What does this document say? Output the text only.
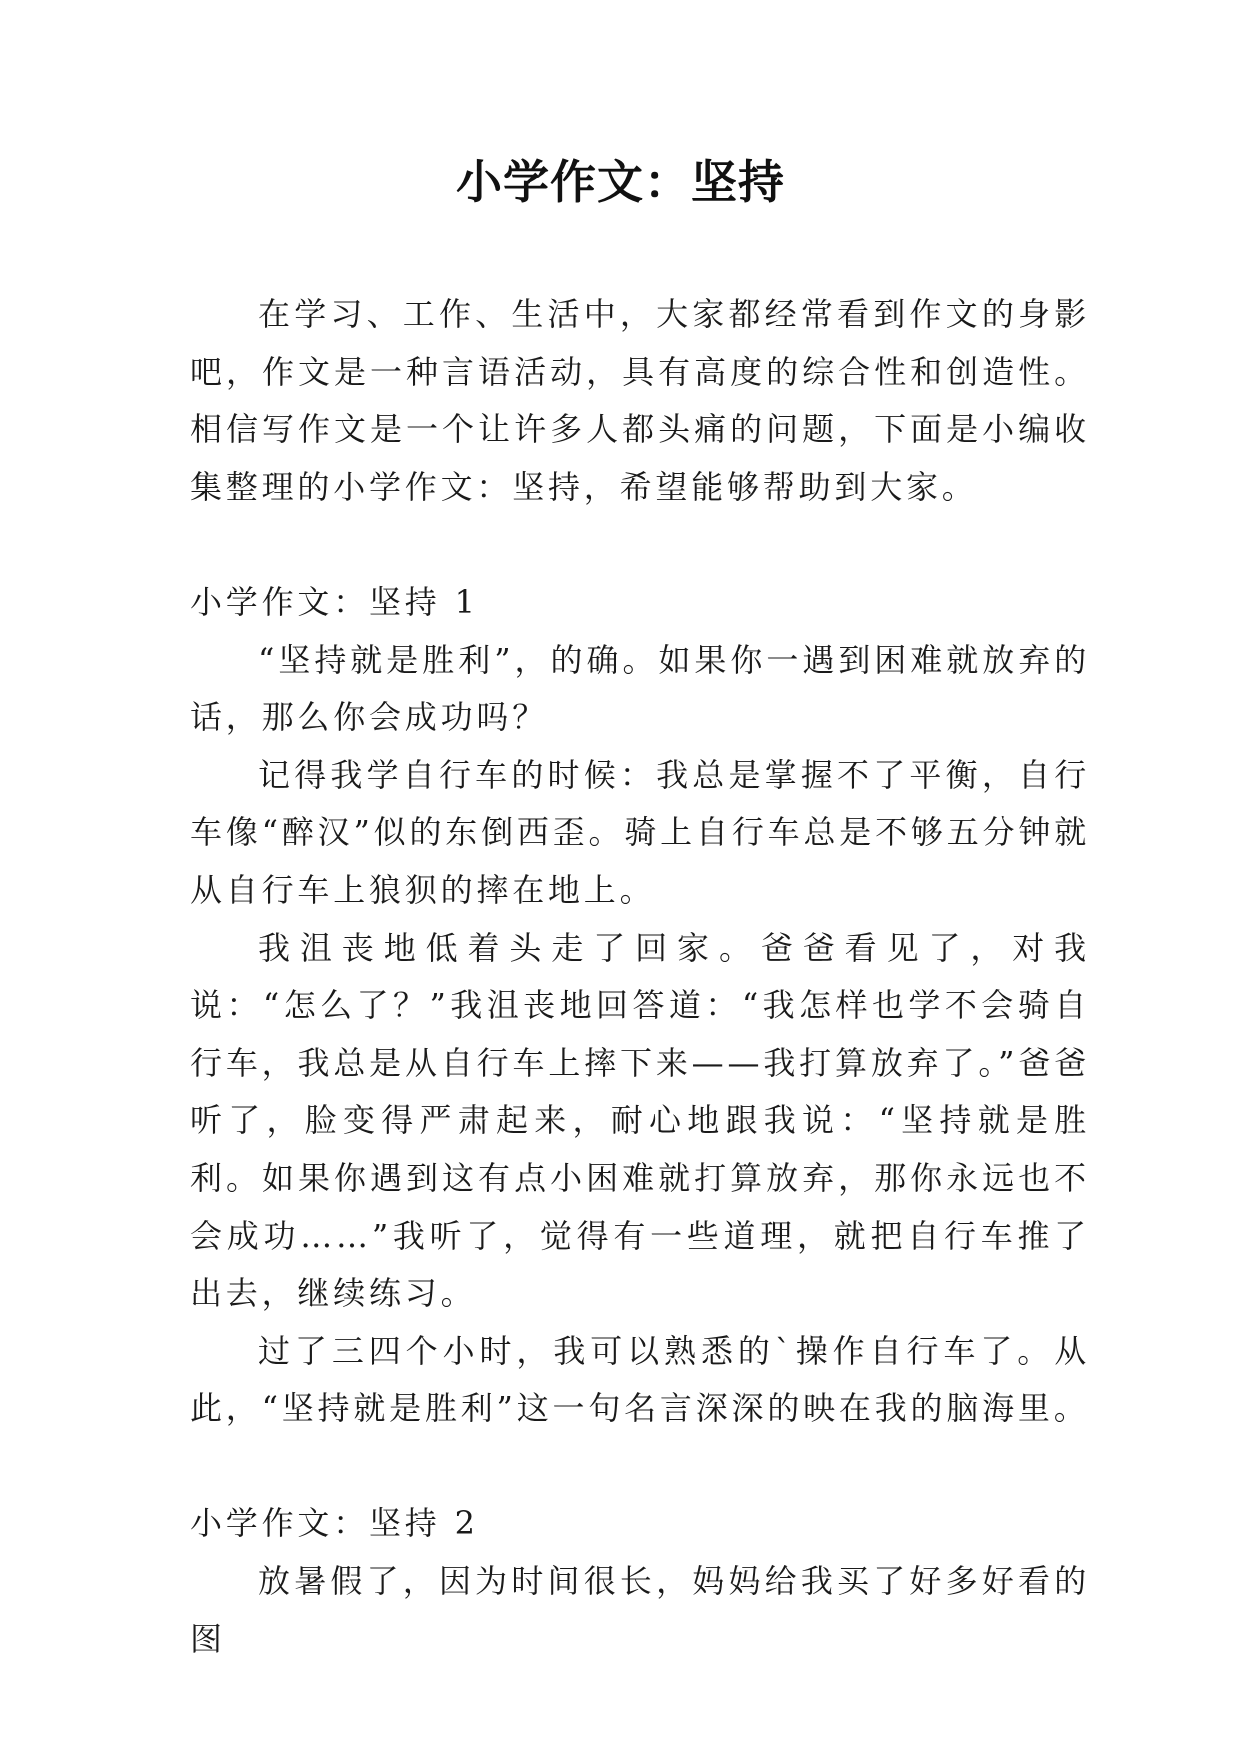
小学作文：坚持

在学习、工作、生活中，大家都经常看到作文的身影吧，作文是一种言语活动，具有高度的综合性和创造性。相信写作文是一个让许多人都头痛的问题，下面是小编收集整理的小学作文：坚持，希望能够帮助到大家。

小学作文：坚持 1

“坚持就是胜利”，的确。如果你一遇到困难就放弃的话，那么你会成功吗？

记得我学自行车的时候：我总是掌握不了平衡，自行车像“醉汉”似的东倒西歪。骑上自行车总是不够五分钟就从自行车上狼狈的摔在地上。

我沮丧地低着头走了回家。爸爸看见了，对我说：“怎么了？”我沮丧地回答道：“我怎样也学不会骑自行车，我总是从自行车上摔下来——我打算放弃了。”爸爸听了，脸变得严肃起来，耐心地跟我说：“坚持就是胜利。如果你遇到这有点小困难就打算放弃，那你永远也不会成功……”我听了，觉得有一些道理，就把自行车推了出去，继续练习。

过了三四个小时，我可以熟悉的`操作自行车了。从此，“坚持就是胜利”这一句名言深深的映在我的脑海里。

小学作文：坚持 2

放暑假了，因为时间很长，妈妈给我买了好多好看的图
